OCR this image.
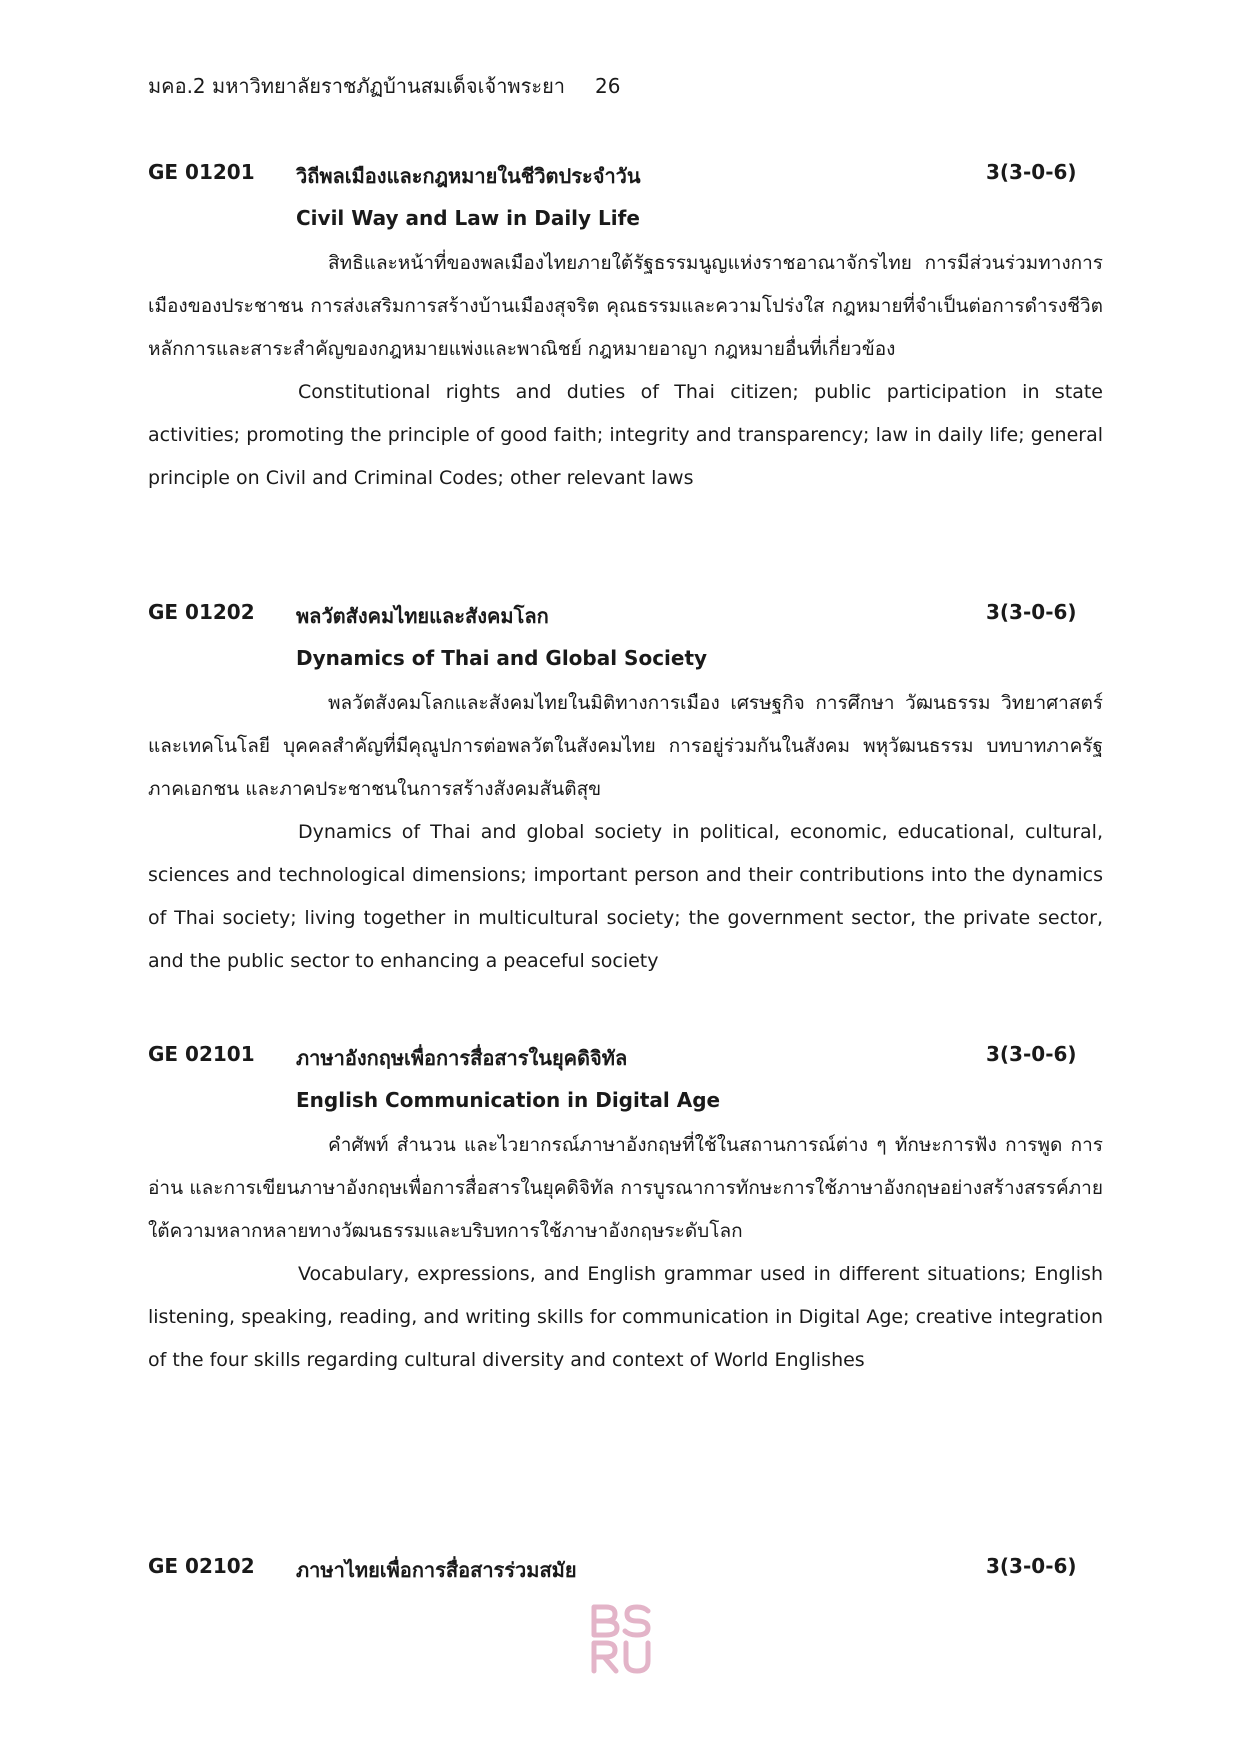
มคอ.2 มหาวิทยาลัยราชภัฏบ้านสมเด็จเจ้าพระยา 26
GE 01201 วิถีพลเมืองและกฎหมายในชีวิตประจำวัน	3(3-0-6)
Civil Way and Law in Daily Life

สิทธิและหน้าที่ของพลเมืองไทยภายใต้รัฐธรรมนูญแห่งราชอาณาจักรไทย การมีส่วนร่วมทางการเมืองของประชาชน การส่งเสริมการสร้างบ้านเมืองสุจริต คุณธรรมและความโปร่งใส กฎหมายที่จำเป็นต่อการดำรงชีวิต หลักการและสาระสำคัญของกฎหมายแพ่งและพาณิชย์ กฎหมายอาญา กฎหมายอื่นที่เกี่ยวข้อง

Constitutional rights and duties of Thai citizen; public participation in state activities; promoting the principle of good faith; integrity and transparency; law in daily life; general principle on Civil and Criminal Codes; other relevant laws

GE 01202 พลวัตสังคมไทยและสังคมโลก	3(3-0-6)
Dynamics of Thai and Global Society

พลวัตสังคมโลกและสังคมไทยในมิติทางการเมือง เศรษฐกิจ การศึกษา วัฒนธรรม วิทยาศาสตร์และเทคโนโลยี บุคคลสำคัญที่มีคุณูปการต่อพลวัตในสังคมไทย การอยู่ร่วมกันในสังคม พหุวัฒนธรรม บทบาทภาครัฐ ภาคเอกชน และภาคประชาชนในการสร้างสังคมสันติสุข

Dynamics of Thai and global society in political, economic, educational, cultural, sciences and technological dimensions; important person and their contributions into the dynamics of Thai society; living together in multicultural society; the government sector, the private sector, and the public sector to enhancing a peaceful society

GE 02101 ภาษาอังกฤษเพื่อการสื่อสารในยุคดิจิทัล	3(3-0-6)
English Communication in Digital Age

คำศัพท์ สำนวน และไวยากรณ์ภาษาอังกฤษที่ใช้ในสถานการณ์ต่าง ๆ ทักษะการฟัง การพูด การอ่าน และการเขียนภาษาอังกฤษเพื่อการสื่อสารในยุคดิจิทัล การบูรณาการทักษะการใช้ภาษาอังกฤษอย่างสร้างสรรค์ภายใต้ความหลากหลายทางวัฒนธรรมและบริบทการใช้ภาษาอังกฤษระดับโลก

Vocabulary, expressions, and English grammar used in different situations; English listening, speaking, reading, and writing skills for communication in Digital Age; creative integration of the four skills regarding cultural diversity and context of World Englishes

GE 02102 ภาษาไทยเพื่อการสื่อสารร่วมสมัย	3(3-0-6)
